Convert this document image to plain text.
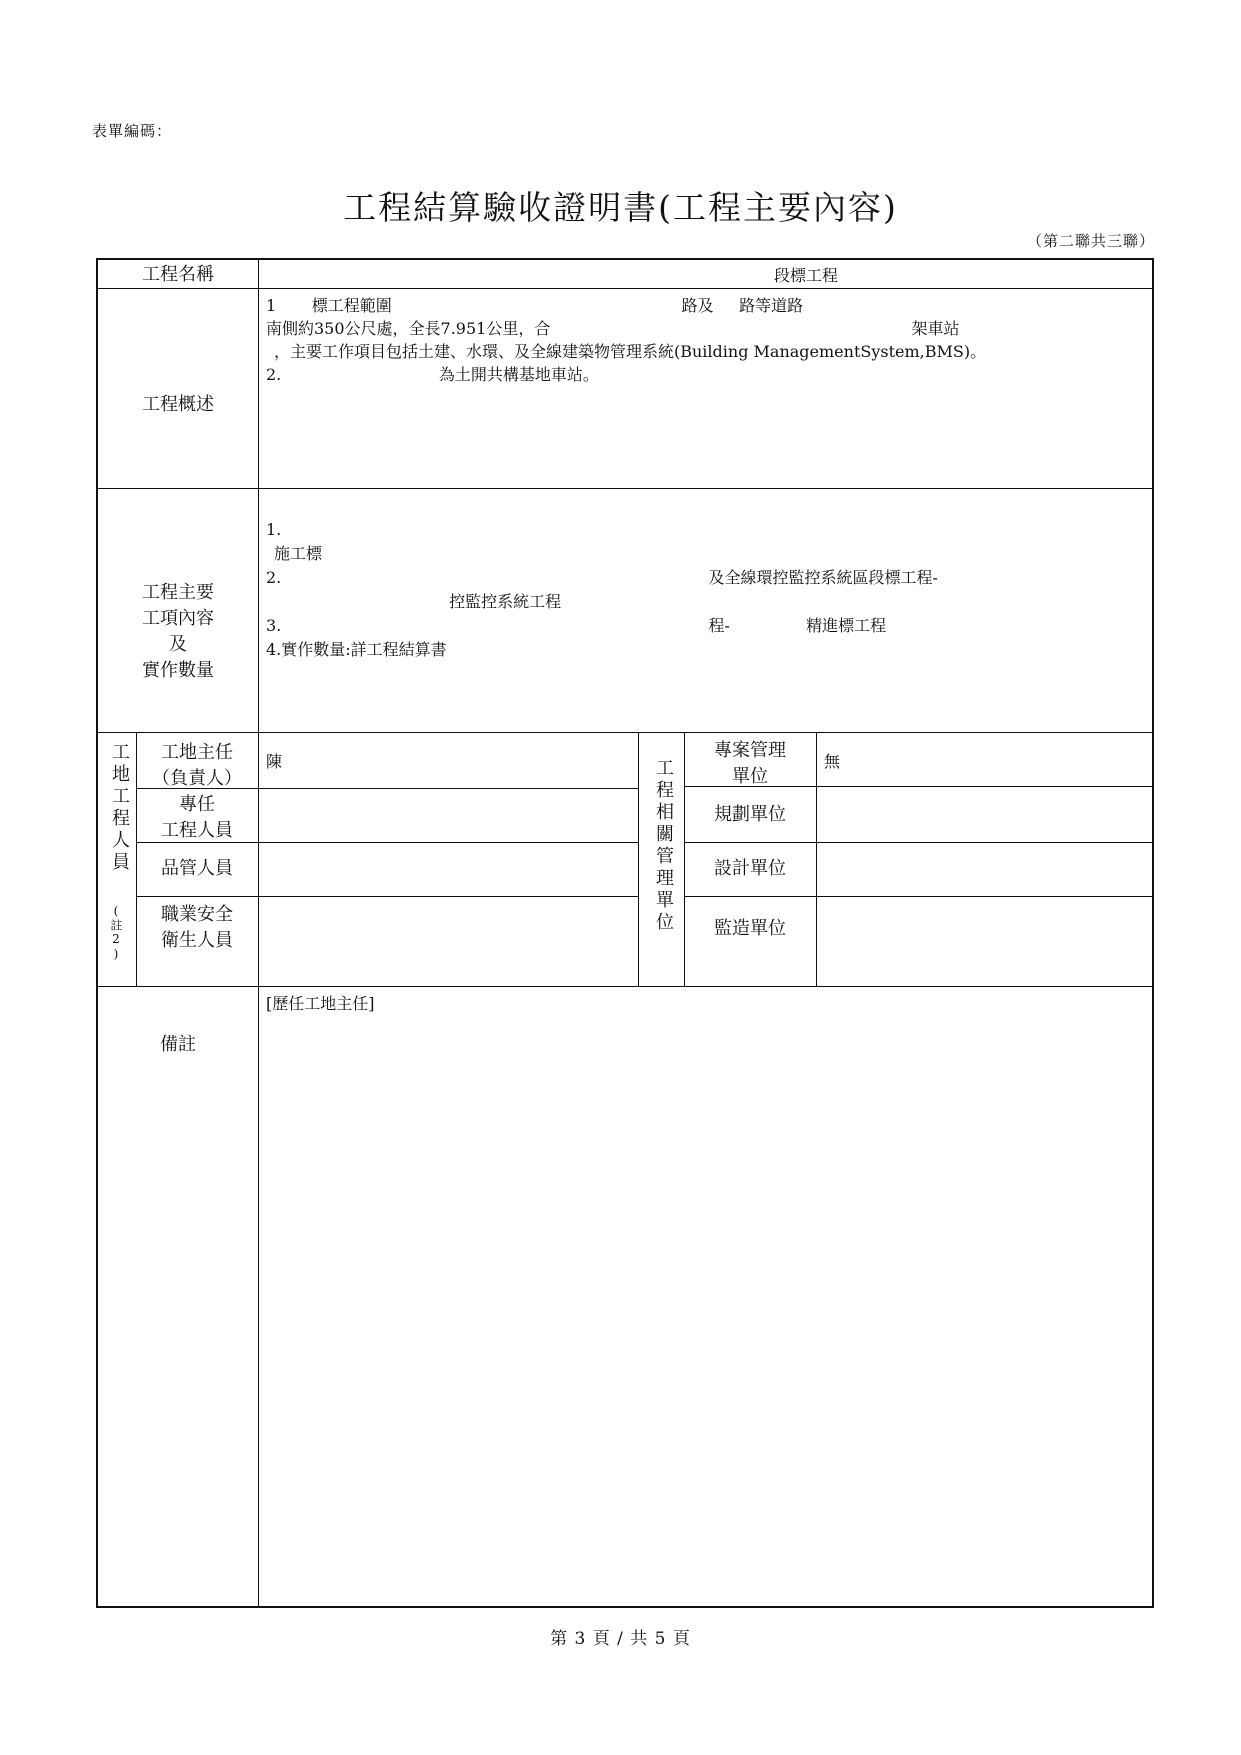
表單編碼：
工程結算驗收證明書(工程主要內容)
（第二聯共三聯）
工程名稱	段標工程
工程概述
1       標工程範圍                                                         路及     路等道路
南側約350公尺處，全長7.951公里，合                                                                       架車站
，主要工作項目包括土建、水環、及全線建築物管理系統(Building ManagementSystem,BMS)。
2.                               為土開共構基地車站。
工程主要
工項內容
及
實作數量
1.
施工標
2.                                                                                    及全線環控監控系統區段標工程-
控監控系統工程
3.                                                                                    程-               精進標工程
4.實作數量:詳工程結算書
工地工程人員
(註2)
工地主任
（負責人）
陳
專任
工程人員
品管人員
職業安全
衛生人員
工程相關管理單位
專案管理
單位
無
規劃單位
設計單位
監造單位
備註
[歷任工地主任]
第 3 頁 / 共 5 頁
